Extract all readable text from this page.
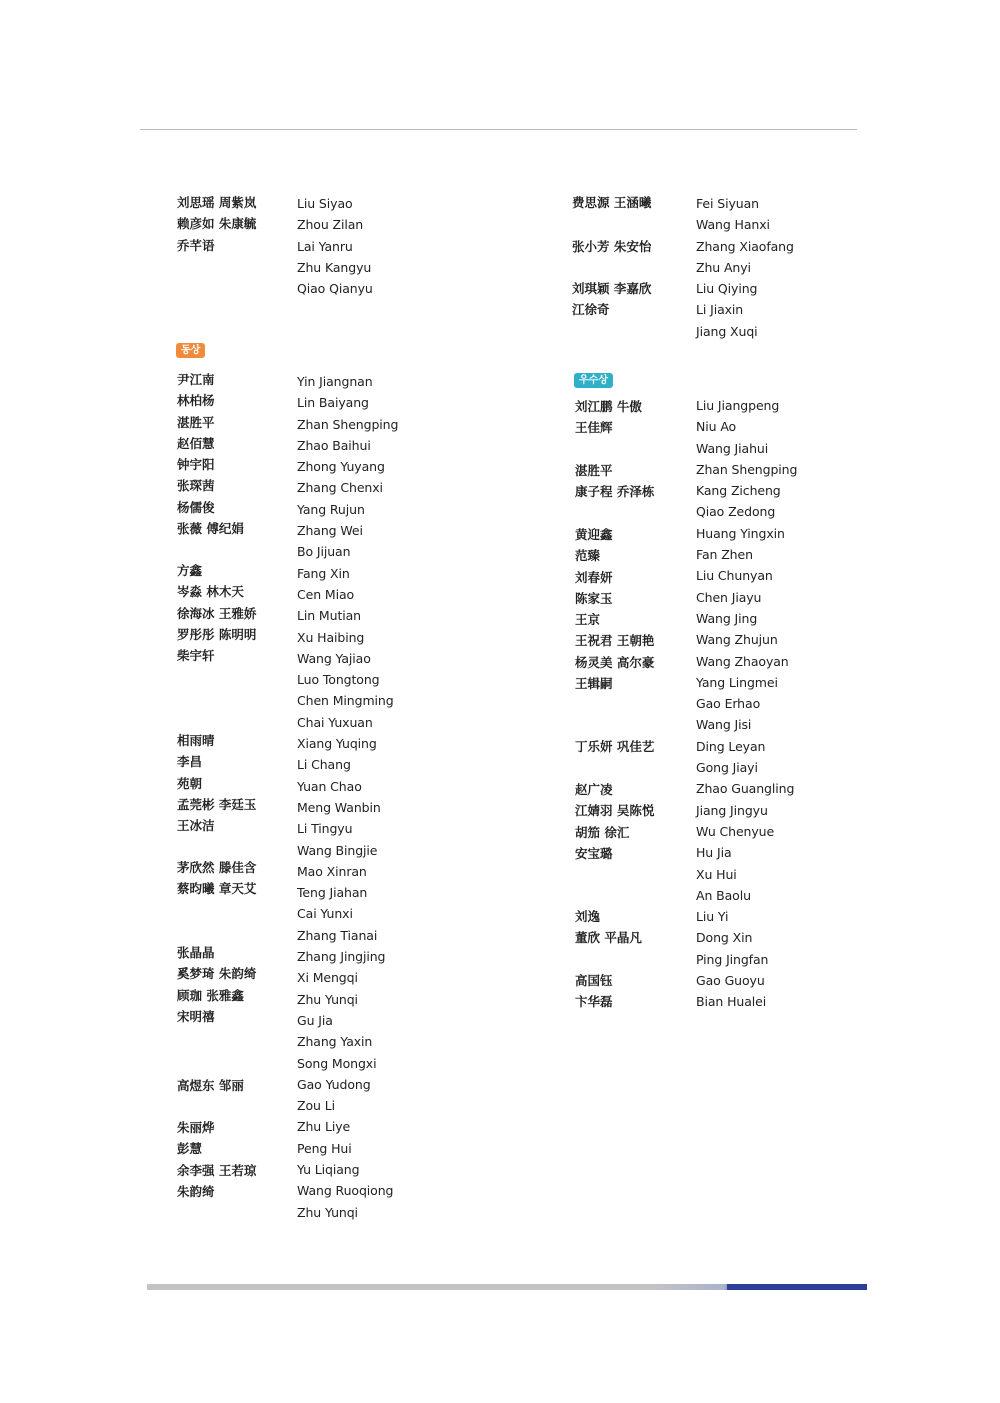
刘思瑶 周紫岚
赖彦如 朱康毓
乔芊语
Liu Siyao
Zhou Zilan
Lai Yanru
Zhu Kangyu
Qiao Qianyu
동상
尹江南
林柏杨
湛胜平
赵佰慧
钟宇阳
张琛茜
杨儒俊
张薇 傅纪娟
方鑫
岑淼 林木天
徐海冰 王雅娇
罗彤彤 陈明明
柴宇轩
相雨晴
李昌
苑朝
孟莞彬 李廷玉
王冰洁
茅欣然 滕佳含
蔡昀曦 章天艾
张晶晶
奚梦琦 朱韵绮
顾珈 张雅鑫
宋明禧
高煜东 邹丽
朱丽烨
彭慧
余李强 王若琼
朱韵绮
Yin Jiangnan
Lin Baiyang
Zhan Shengping
Zhao Baihui
Zhong Yuyang
Zhang Chenxi
Yang Rujun
Zhang Wei
Bo Jijuan
Fang Xin
Cen Miao
Lin Mutian
Xu Haibing
Wang Yajiao
Luo Tongtong
Chen Mingming
Chai Yuxuan
Xiang Yuqing
Li Chang
Yuan Chao
Meng Wanbin
Li Tingyu
Wang Bingjie
Mao Xinran
Teng Jiahan
Cai Yunxi
Zhang Tianai
Zhang Jingjing
Xi Mengqi
Zhu Yunqi
Gu Jia
Zhang Yaxin
Song Mongxi
Gao Yudong
Zou Li
Zhu Liye
Peng Hui
Yu Liqiang
Wang Ruoqiong
Zhu Yunqi
费思源 王涵曦
张小芳 朱安怡
刘琪颖 李嘉欣
江徐奇
Fei Siyuan
Wang Hanxi
Zhang Xiaofang
Zhu Anyi
Liu Qiying
Li Jiaxin
Jiang Xuqi
우수상
刘江鹏 牛傲
王佳辉
湛胜平
康子程 乔泽栋
黄迎鑫
范臻
刘春妍
陈家玉
王京
王祝君 王朝艳
杨灵美 高尔豪
王辑嗣
丁乐妍 巩佳艺
赵广凌
江婧羽 吴陈悦
胡笳 徐汇
安宝璐
刘逸
董欣 平晶凡
高国钰
卞华磊
Liu Jiangpeng
Niu Ao
Wang Jiahui
Zhan Shengping
Kang Zicheng
Qiao Zedong
Huang Yingxin
Fan Zhen
Liu Chunyan
Chen Jiayu
Wang Jing
Wang Zhujun
Wang Zhaoyan
Yang Lingmei
Gao Erhao
Wang Jisi
Ding Leyan
Gong Jiayi
Zhao Guangling
Jiang Jingyu
Wu Chenyue
Hu Jia
Xu Hui
An Baolu
Liu Yi
Dong Xin
Ping Jingfan
Gao Guoyu
Bian Hualei
